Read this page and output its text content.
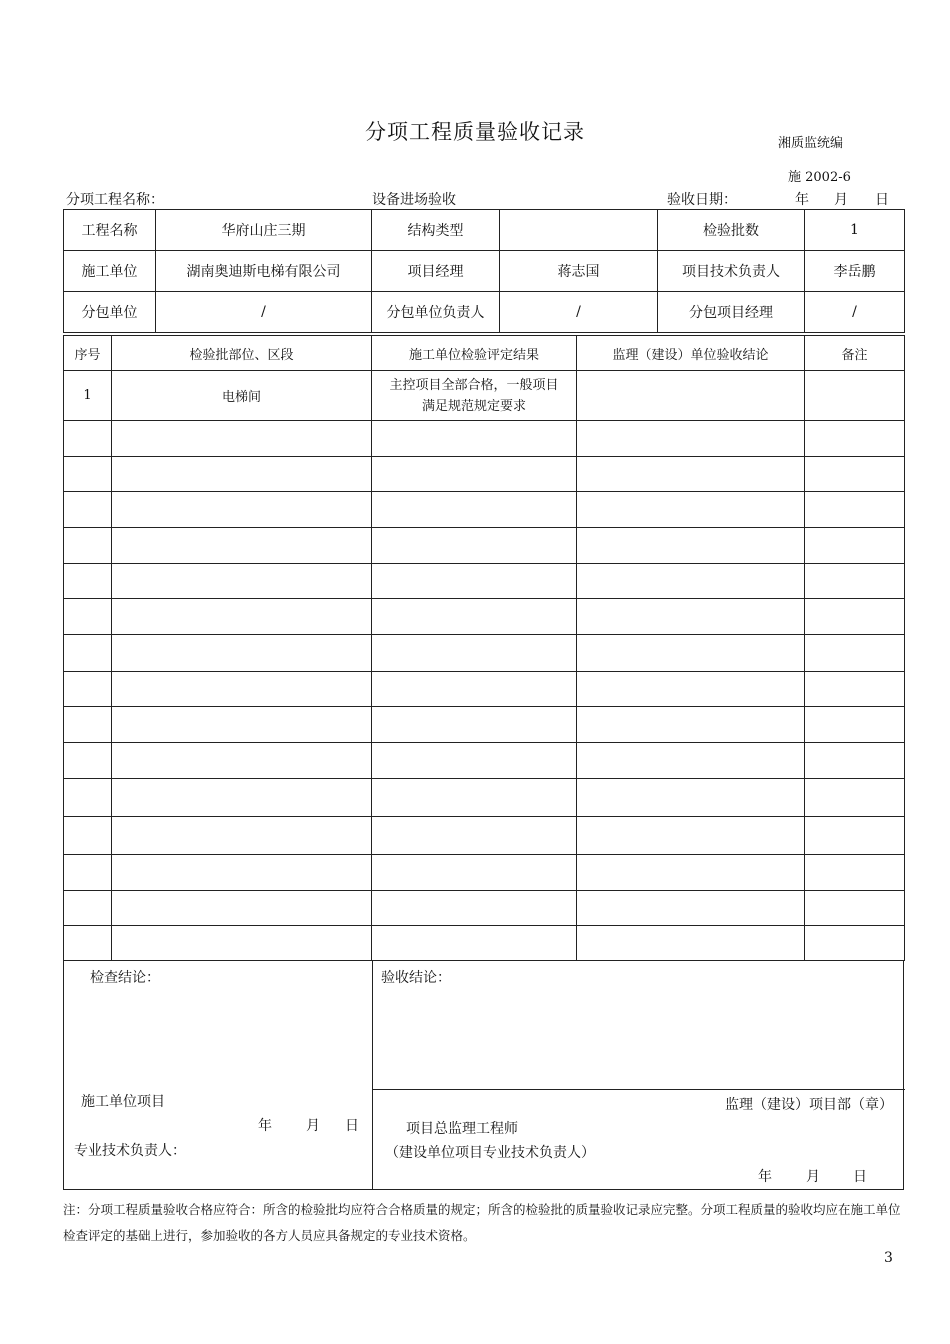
分项工程质量验收记录	湘质监统编
施 2002-6
分项工程名称：	设备进场验收	验收日期：	年 月 日
工程名称	华府山庄三期	结构类型		检验批数	1
施工单位	湖南奥迪斯电梯有限公司	项目经理	蒋志国	项目技术负责人	李岳鹏
分包单位	/	分包单位负责人	/	分包项目经理	/
序号	检验批部位、区段	施工单位检验评定结果	监理（建设）单位验收结论	备注
1	电梯间	主控项目全部合格，一般项目
满足规范规定要求		

检查结论：	验收结论：
施工单位项目
年 月 日
专业技术负责人：
监理（建设）项目部（章）
项目总监理工程师
（建设单位项目专业技术负责人）
年 月 日
注：分项工程质量验收合格应符合：所含的检验批均应符合合格质量的规定；所含的检验批的质量验收记录应完整。分项工程质量的验收均应在施工单位检查评定的基础上进行，参加验收的各方人员应具备规定的专业技术资格。
3
